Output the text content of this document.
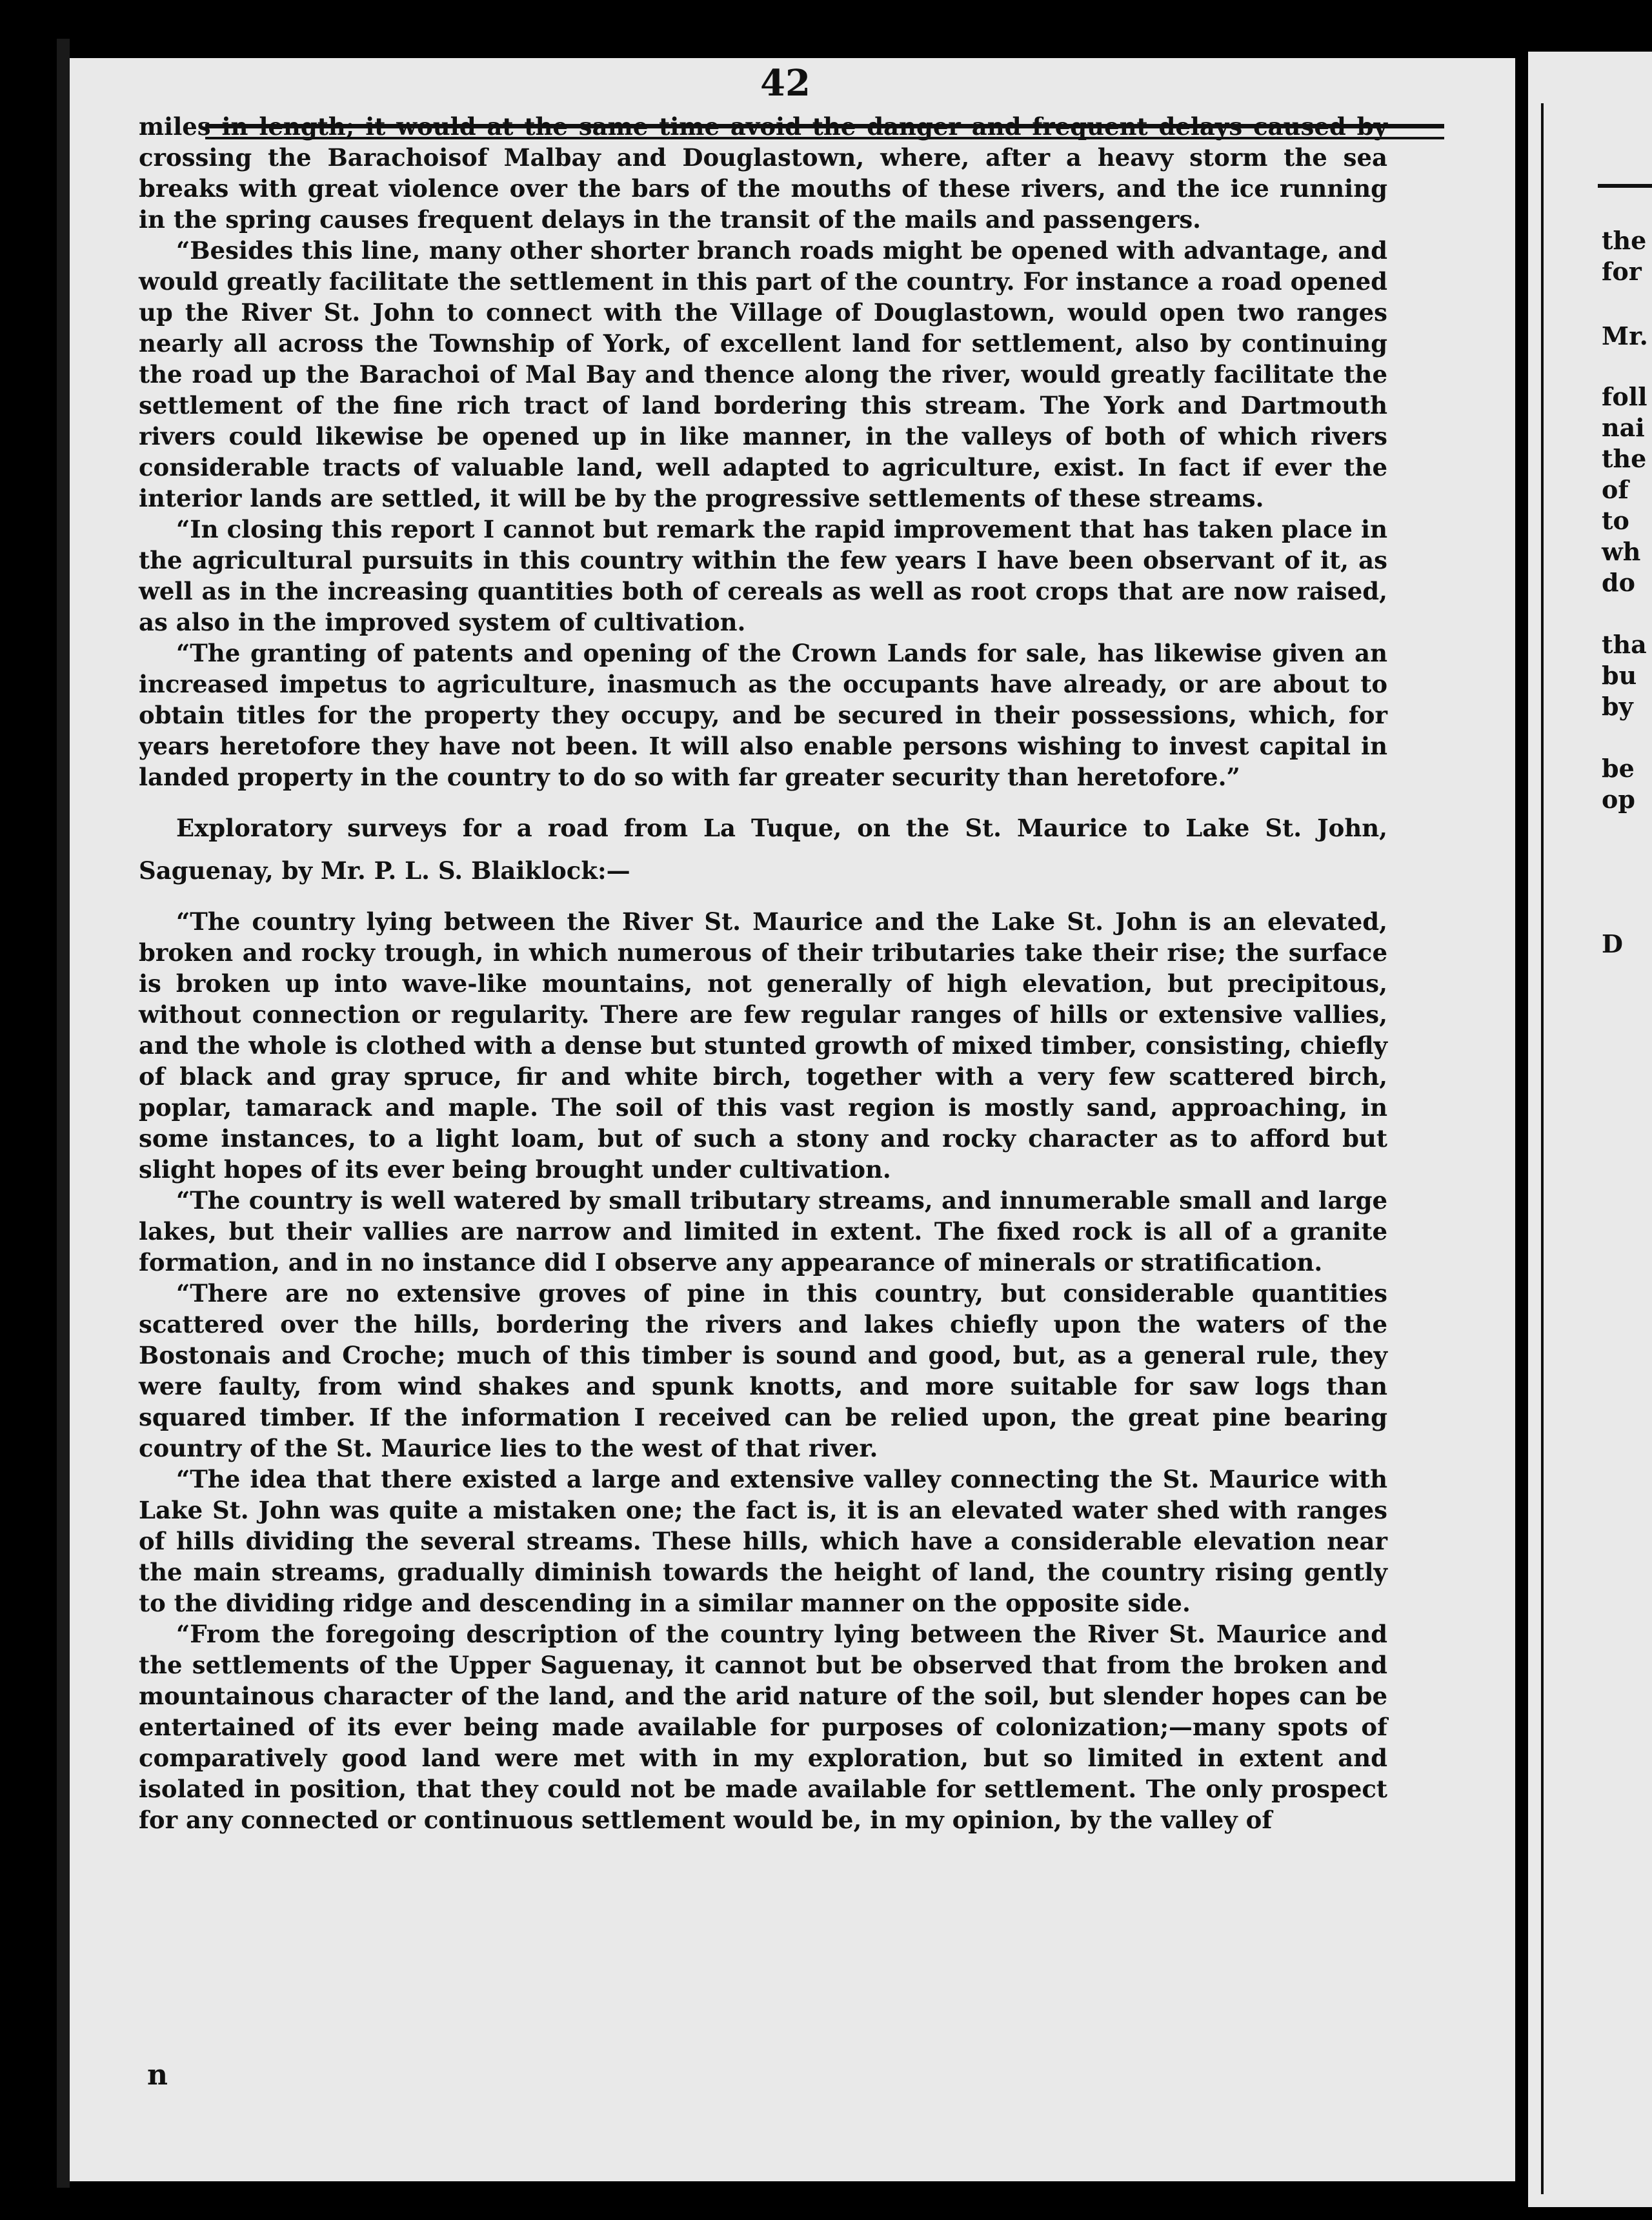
42

miles in length; it would at the same time avoid the danger and frequent delays caused by crossing the Barachoisof Malbay and Douglastown, where, after a heavy storm the sea breaks with great violence over the bars of the mouths of these rivers, and the ice running in the spring causes frequent delays in the transit of the mails and passengers.

“Besides this line, many other shorter branch roads might be opened with advantage, and would greatly facilitate the settlement in this part of the country. For instance a road opened up the River St. John to connect with the Village of Douglastown, would open two ranges nearly all across the Township of York, of excellent land for settlement, also by continuing the road up the Barachoi of Mal Bay and thence along the river, would greatly facilitate the settlement of the fine rich tract of land bordering this stream. The York and Dartmouth rivers could likewise be opened up in like manner, in the valleys of both of which rivers considerable tracts of valuable land, well adapted to agriculture, exist. In fact if ever the interior lands are settled, it will be by the progressive settlements of these streams.

“In closing this report I cannot but remark the rapid improvement that has taken place in the agricultural pursuits in this country within the few years I have been observant of it, as well as in the increasing quantities both of cereals as well as root crops that are now raised, as also in the improved system of cultivation.

“The granting of patents and opening of the Crown Lands for sale, has likewise given an increased impetus to agriculture, inasmuch as the occupants have already, or are about to obtain titles for the property they occupy, and be secured in their possessions, which, for years heretofore they have not been. It will also enable persons wishing to invest capital in landed property in the country to do so with far greater security than heretofore.”

Exploratory surveys for a road from La Tuque, on the St. Maurice to Lake St. John, Saguenay, by Mr. P. L. S. Blaiklock:—

“The country lying between the River St. Maurice and the Lake St. John is an elevated, broken and rocky trough, in which numerous of their tributaries take their rise; the surface is broken up into wave-like mountains, not generally of high elevation, but precipitous, without connection or regularity. There are few regular ranges of hills or extensive vallies, and the whole is clothed with a dense but stunted growth of mixed timber, consisting, chiefly of black and gray spruce, fir and white birch, together with a very few scattered birch, poplar, tamarack and maple. The soil of this vast region is mostly sand, approaching, in some instances, to a light loam, but of such a stony and rocky character as to afford but slight hopes of its ever being brought under cultivation.

“The country is well watered by small tributary streams, and innumerable small and large lakes, but their vallies are narrow and limited in extent. The fixed rock is all of a granite formation, and in no instance did I observe any appearance of minerals or stratification.

“There are no extensive groves of pine in this country, but considerable quantities scattered over the hills, bordering the rivers and lakes chiefly upon the waters of the Bostonais and Croche; much of this timber is sound and good, but, as a general rule, they were faulty, from wind shakes and spunk knotts, and more suitable for saw logs than squared timber. If the information I received can be relied upon, the great pine bearing country of the St. Maurice lies to the west of that river.

“The idea that there existed a large and extensive valley connecting the St. Maurice with Lake St. John was quite a mistaken one; the fact is, it is an elevated water shed with ranges of hills dividing the several streams. These hills, which have a considerable elevation near the main streams, gradually diminish towards the height of land, the country rising gently to the dividing ridge and descending in a similar manner on the opposite side.

“From the foregoing description of the country lying between the River St. Maurice and the settlements of the Upper Saguenay, it cannot but be observed that from the broken and mountainous character of the land, and the arid nature of the soil, but slender hopes can be entertained of its ever being made available for purposes of colonization;—many spots of comparatively good land were met with in my exploration, but so limited in extent and isolated in position, that they could not be made available for settlement. The only prospect for any connected or continuous settlement would be, in my opinion, by the valley of

n
the
for
Mr.
foll
nai
the
of
to
wh
do
tha
bu
by
be
op
D
